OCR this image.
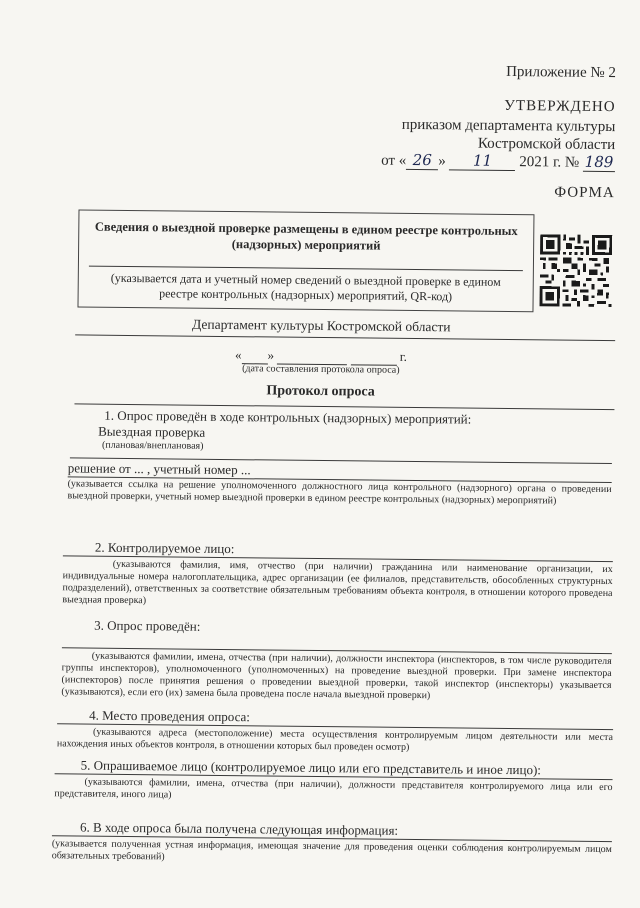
Приложение № 2
УТВЕРЖДЕНО
приказом департамента культуры
Костромской области
от « 26 » 11 2021 г. № 189
ФОРМА
Сведения о выездной проверке размещены в едином реестре контрольных
(надзорных) мероприятий
(указывается дата и учетный номер сведений о выездной проверке в едином
реестре контрольных (надзорных) мероприятий, QR-код)
Департамент культуры Костромской области
« »	г.
(дата составления протокола опроса)
Протокол опроса
1. Опрос проведён в ходе контрольных (надзорных) мероприятий:
Выездная проверка
(плановая/внеплановая)
решение от ... , учетный номер ...
(указывается ссылка на решение уполномоченного должностного лица контрольного (надзорного) органа о проведении выездной проверки, учетный номер выездной проверки в едином реестре контрольных (надзорных) мероприятий)
2. Контролируемое лицо:
(указываются фамилия, имя, отчество (при наличии) гражданина или наименование организации, их индивидуальные номера налогоплательщика, адрес организации (ее филиалов, представительств, обособленных структурных подразделений), ответственных за соответствие обязательным требованиям объекта контроля, в отношении которого проведена выездная проверка)
3. Опрос проведён:
(указываются фамилии, имена, отчества (при наличии), должности инспектора (инспекторов, в том числе руководителя группы инспекторов), уполномоченного (уполномоченных) на проведение выездной проверки. При замене инспектора (инспекторов) после принятия решения о проведении выездной проверки, такой инспектор (инспекторы) указывается (указываются), если его (их) замена была проведена после начала выездной проверки)
4. Место проведения опроса:
(указываются адреса (местоположение) места осуществления контролируемым лицом деятельности или места нахождения иных объектов контроля, в отношении которых был проведен осмотр)
5. Опрашиваемое лицо (контролируемое лицо или его представитель и иное лицо):
(указываются фамилии, имена, отчества (при наличии), должности представителя контролируемого лица или его представителя, иного лица)
6. В ходе опроса была получена следующая информация:
(указывается полученная устная информация, имеющая значение для проведения оценки соблюдения контролируемым лицом обязательных требований)
